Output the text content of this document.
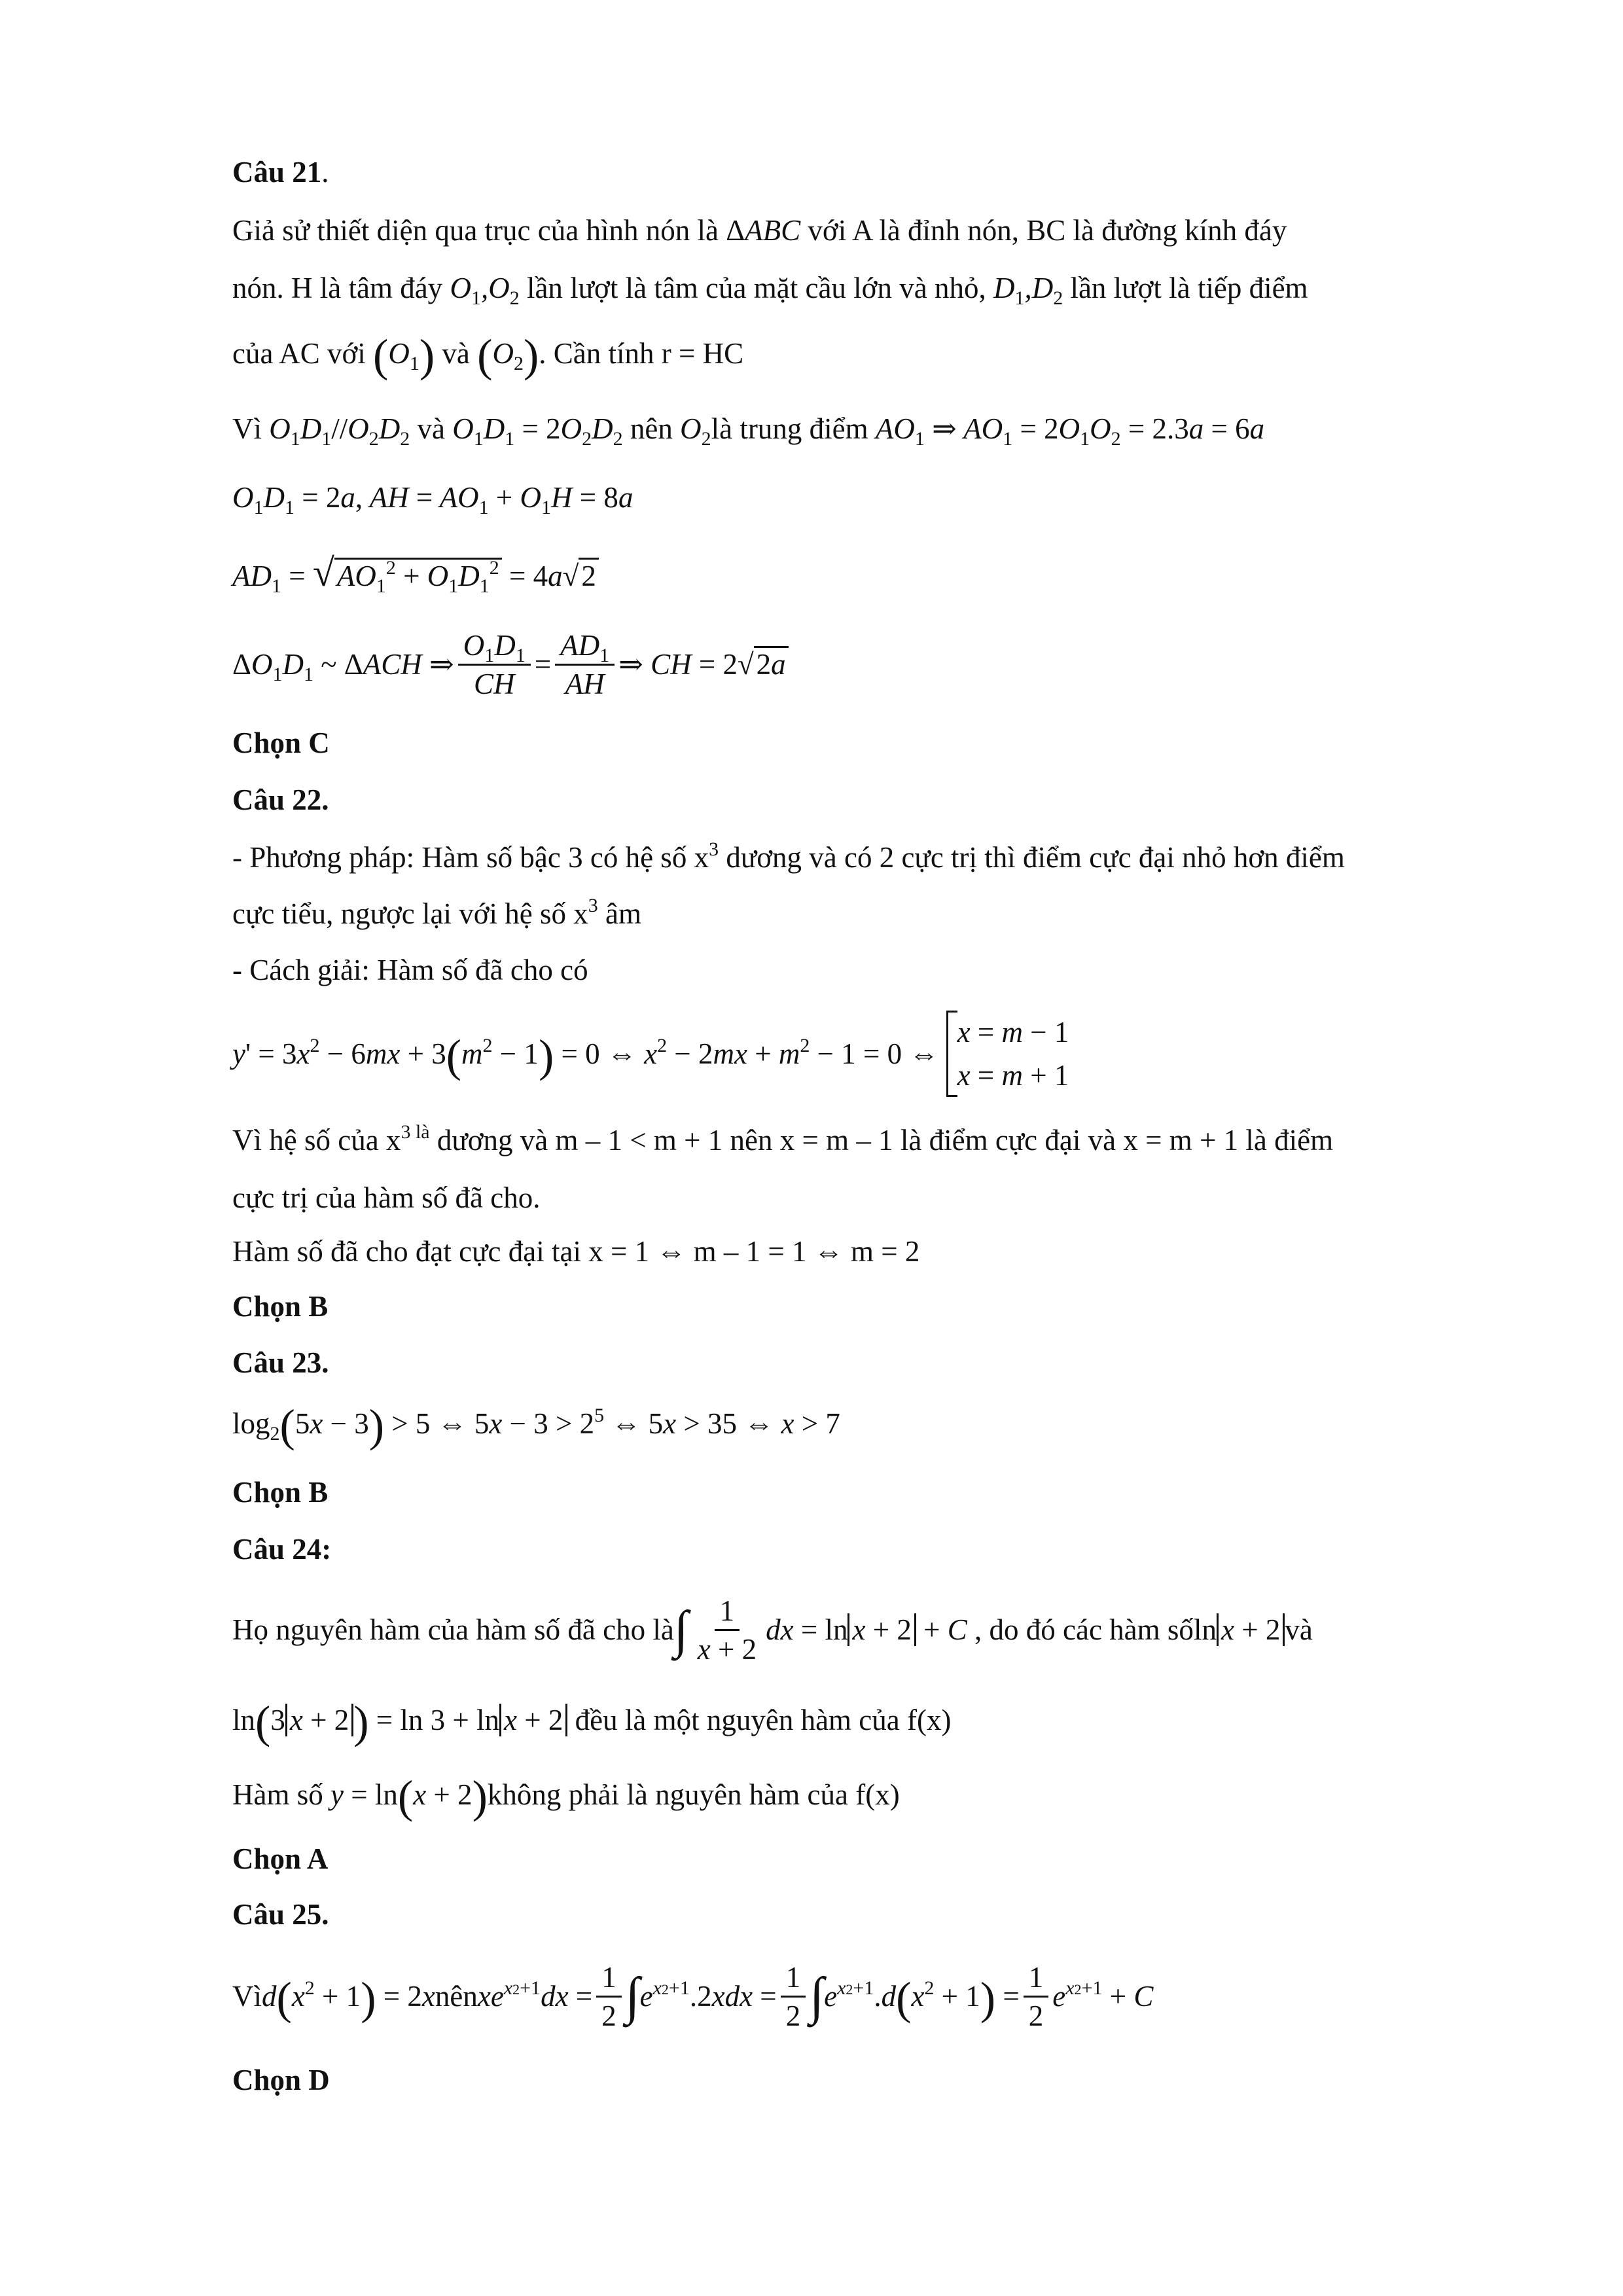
Câu 21.
Giả sử thiết diện qua trục của hình nón là ΔABC với A là đỉnh nón, BC là đường kính đáy
nón. H là tâm đáy $O_1,O_2$ lần lượt là tâm của mặt cầu lớn và nhỏ, $D_1,D_2$ lần lượt là tiếp điểm
của AC với $(O_1)$ và $(O_2)$. Cần tính r = HC
Vì $O_1D_1//O_2D_2$ và $O_1D_1 = 2O_2D_2$ nên $O_2là$ trung điểm $AO_1$ ⇒ $AO_1 = 2O_1O_2 = 2.3a = 6a$
$O_1D_1 = 2a$, AH = $AO_1 + O_1H = 8a$
$AD_1 = √AO_1^2 + O_1D_1^2 = 4a√2$
$\Delta O_1D_1$ ~ ΔACH ⇒ $\frac{O_1D_1}{CH} = \frac{AD_1}{AH}$ ⇒ CH = 2√2a
Chọn C
Câu 22.
- Phương pháp: Hàm số bậc 3 có hệ số $x^3$ dương và có 2 cực trị thì điểm cực đại nhỏ hơn điểm
cực tiểu, ngược lại với hệ số $x^3$ âm
- Cách giải: Hàm số đã cho có
$y' = 3x^2 - 6mx + 3(m^2 - 1) = 0$ ⇔ $x^2 - 2mx + m^2 - 1 = 0$ ⇔
x = m − 1
x = m + 1
Vì hệ số của $x^{3 là}$ dương và m – 1 < m + 1 nên x = m – 1 là điểm cực đại và x = m + 1 là điểm
cực trị của hàm số đã cho.
Hàm số đã cho đạt cực đại tại x = 1 ⇔ m – 1 = 1 ⇔ m = 2
Chọn B
Câu 23.
$\log_2(5x - 3) > 5$ ⇔ $5x - 3 > 2^5$ ⇔ 5x > 35 ⇔ x > 7
Chọn B
Câu 24:
Họ nguyên hàm của hàm số đã cho là ∫ $\frac{1}{x + 2}$ dx = ln x + 2 + C
, do đó các hàm số ln x + 2 và
ln(3 x + 2 ) = ln 3 + ln x + 2 đều là một nguyên hàm của f(x)
Hàm số y = ln(x + 2)không phải là nguyên hàm của f(x)
Chọn A
Câu 25.
Vì $d(x^2 + 1) = 2x$ nên $xe^{x2+1}dx = \frac{1}{2}$ ∫ $e^{x2+1}.2xdx = \frac{1}{2}$ ∫ $e^{x2+1}.d(x^2 + 1) = \frac{1}{2} e^{x2+1} + C$
Chọn D
